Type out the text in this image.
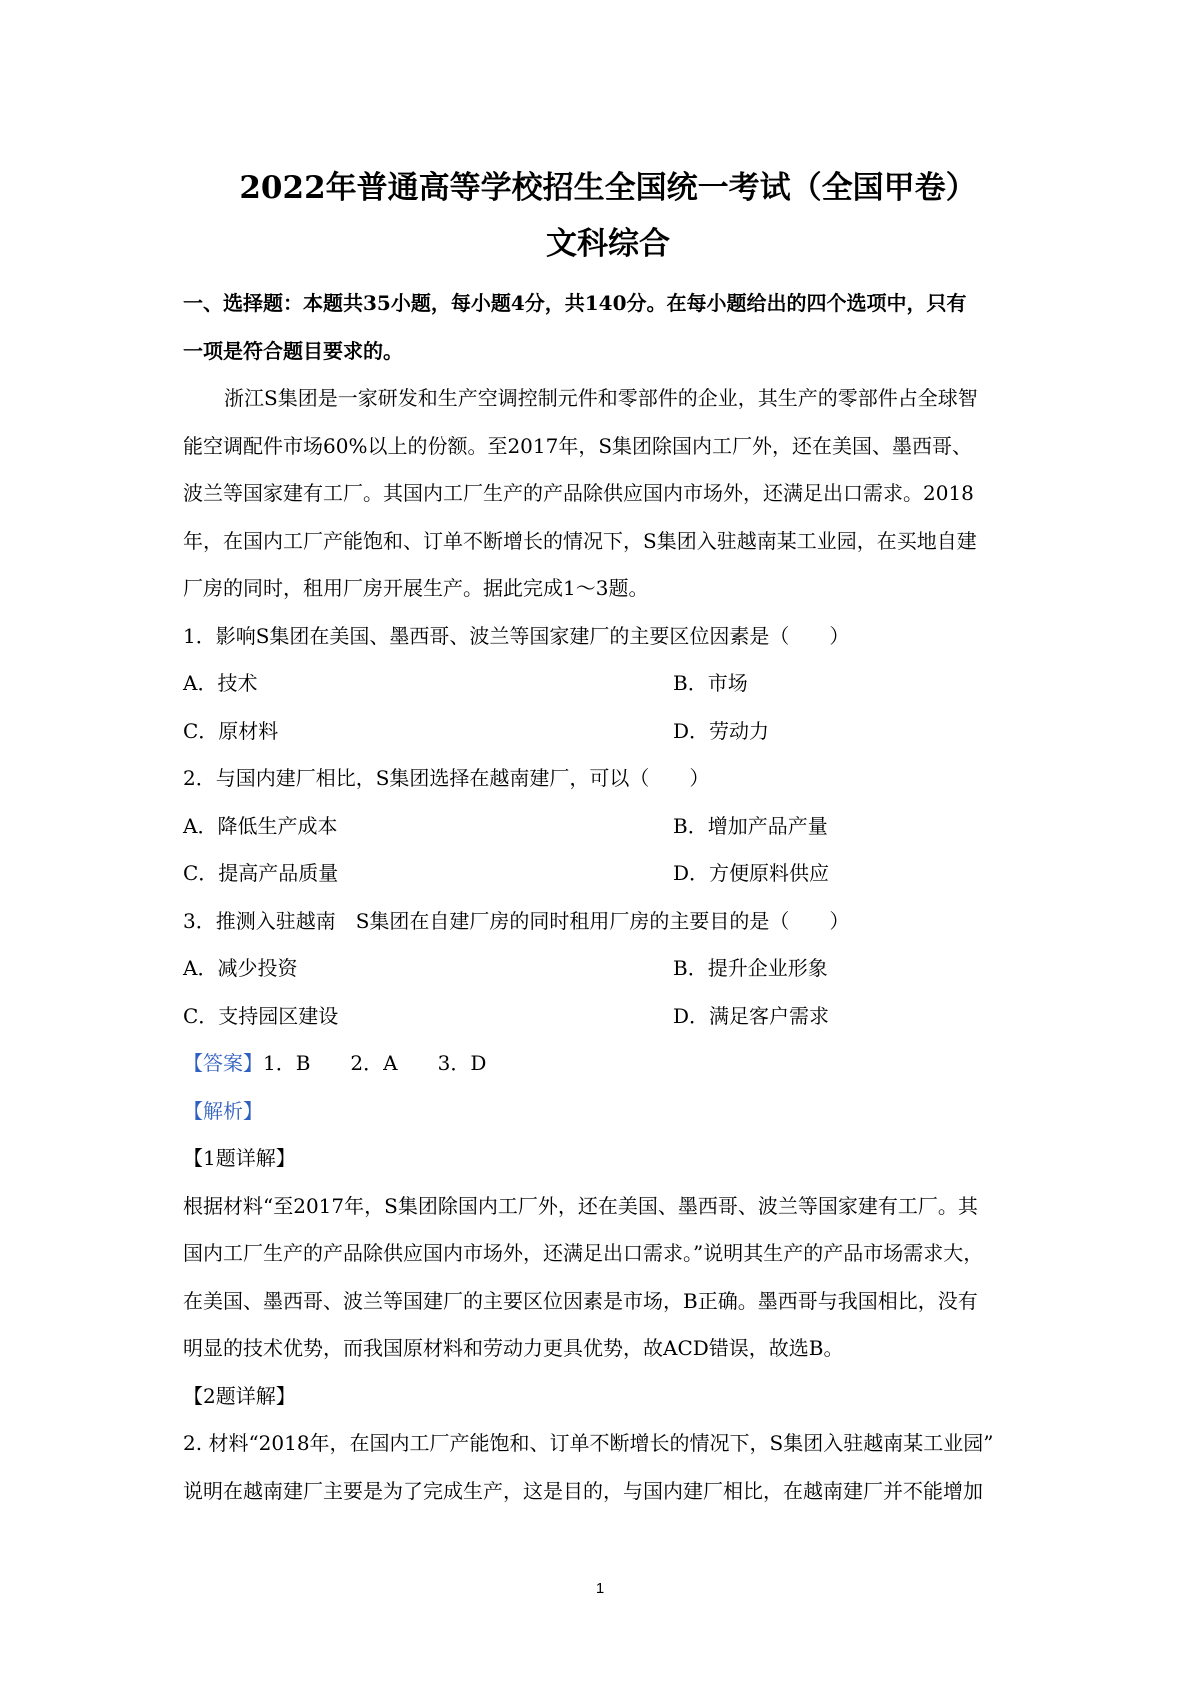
2022年普通高等学校招生全国统一考试（全国甲卷）
文科综合
一、选择题：本题共35小题，每小题4分，共140分。在每小题给出的四个选项中，只有
一项是符合题目要求的。
浙江S集团是一家研发和生产空调控制元件和零部件的企业，其生产的零部件占全球智
能空调配件市场60%以上的份额。至2017年，S集团除国内工厂外，还在美国、墨西哥、
波兰等国家建有工厂。其国内工厂生产的产品除供应国内市场外，还满足出口需求。2018
年，在国内工厂产能饱和、订单不断增长的情况下，S集团入驻越南某工业园，在买地自建
厂房的同时，租用厂房开展生产。据此完成1～3题。
1．影响S集团在美国、墨西哥、波兰等国家建厂的主要区位因素是（　　）
A．技术	B．市场
C．原材料	D．劳动力
2．与国内建厂相比，S集团选择在越南建厂，可以（　　）
A．降低生产成本	B．增加产品产量
C．提高产品质量	D．方便原料供应
3．推测入驻越南　S集团在自建厂房的同时租用厂房的主要目的是（　　）
A．减少投资	B．提升企业形象
C．支持园区建设	D．满足客户需求
【答案】1．B　　2．A　　3．D
【解析】
【1题详解】
根据材料“至2017年，S集团除国内工厂外，还在美国、墨西哥、波兰等国家建有工厂。其
国内工厂生产的产品除供应国内市场外，还满足出口需求。”说明其生产的产品市场需求大，
在美国、墨西哥、波兰等国建厂的主要区位因素是市场，B正确。墨西哥与我国相比，没有
明显的技术优势，而我国原材料和劳动力更具优势，故ACD错误，故选B。
【2题详解】
2. 材料“2018年，在国内工厂产能饱和、订单不断增长的情况下，S集团入驻越南某工业园”
说明在越南建厂主要是为了完成生产，这是目的，与国内建厂相比，在越南建厂并不能增加
1
